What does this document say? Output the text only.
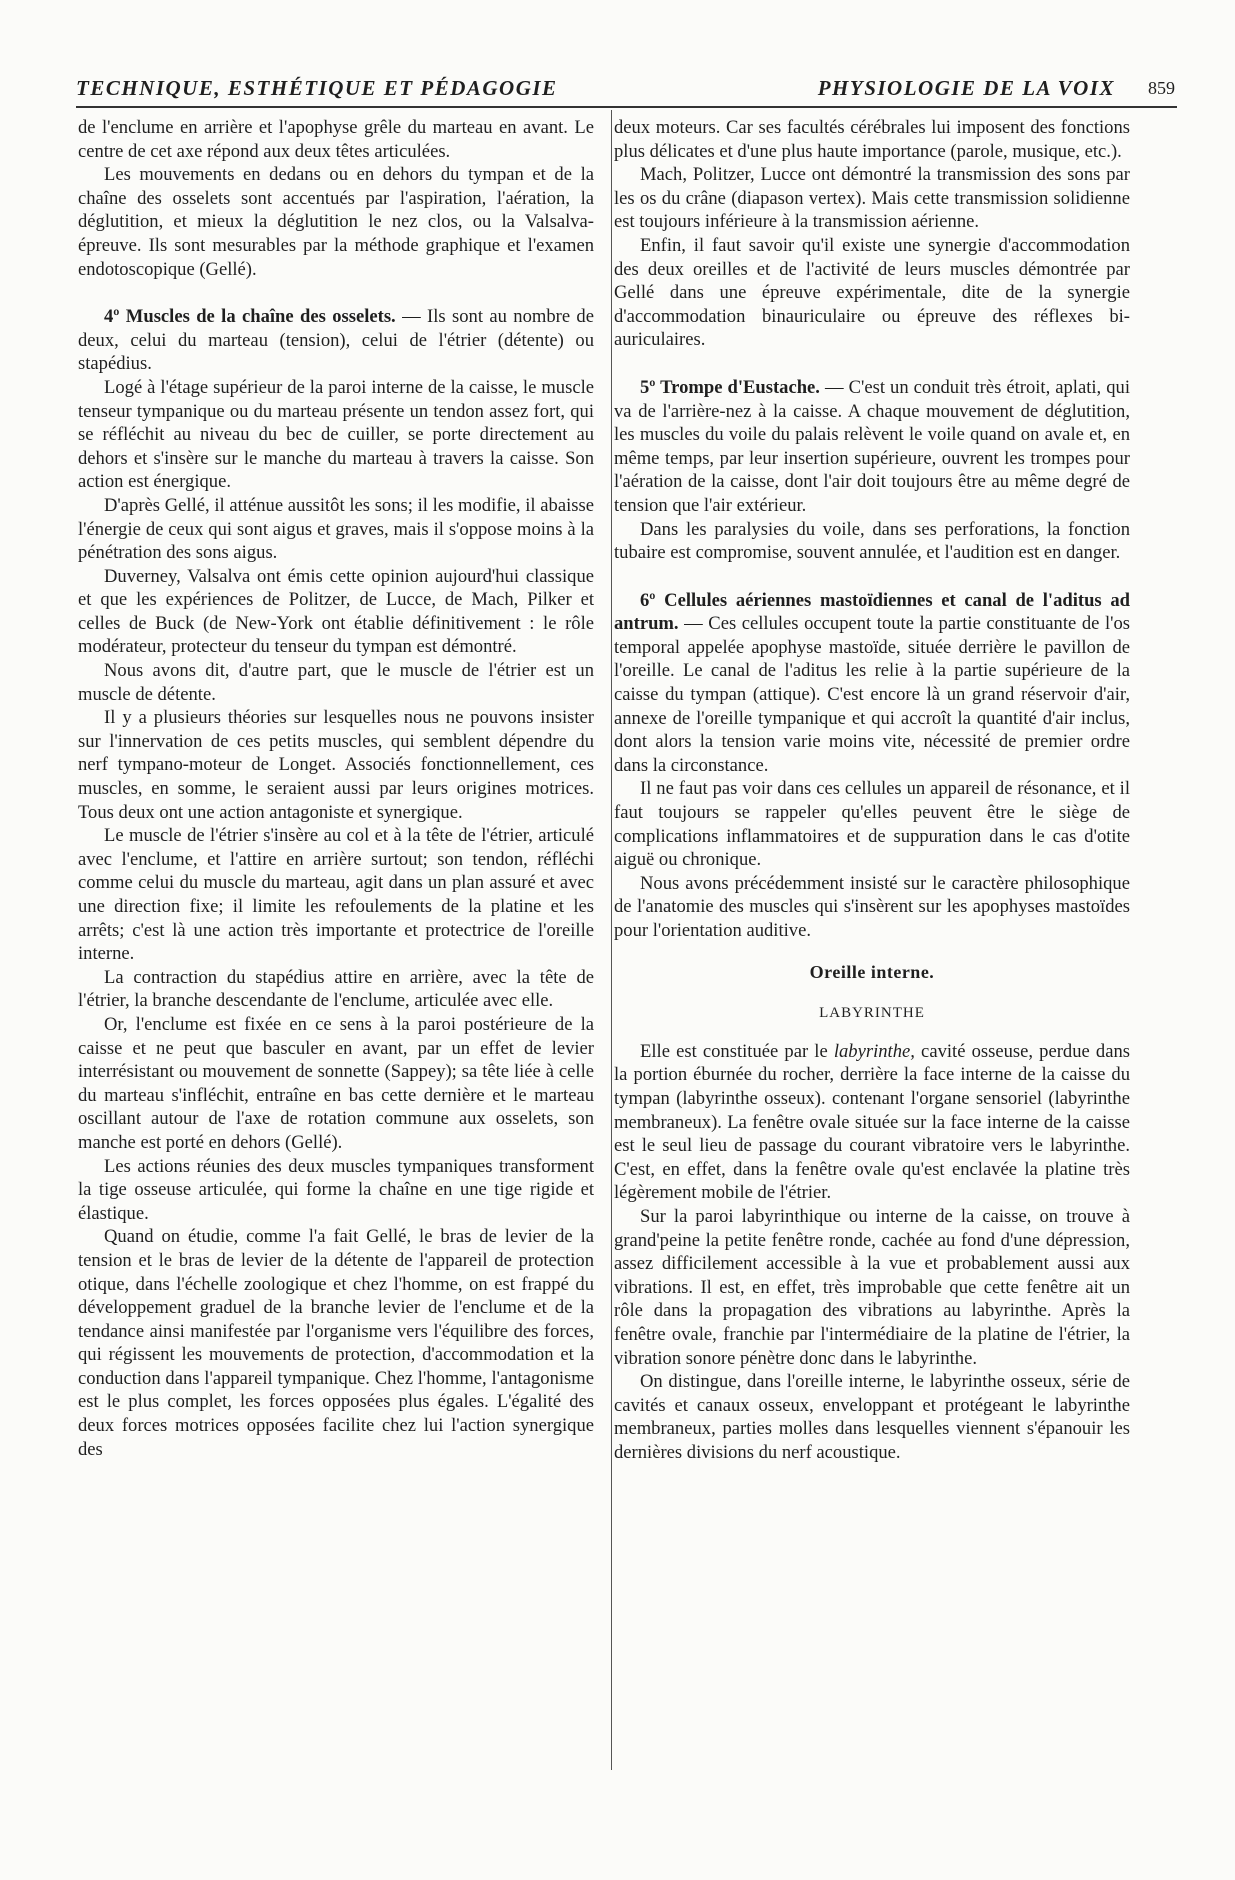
TECHNIQUE, ESTHÉTIQUE ET PÉDAGOGIE	PHYSIOLOGIE DE LA VOIX 859

de l'enclume en arrière et l'apophyse grêle du marteau en avant. Le centre de cet axe répond aux deux têtes articulées.

Les mouvements en dedans ou en dehors du tympan et de la chaîne des osselets sont accentués par l'aspiration, l'aération, la déglutition, et mieux la déglutition le nez clos, ou la Valsalva-épreuve. Ils sont mesurables par la méthode graphique et l'examen endotoscopique (Gellé).

4º Muscles de la chaîne des osselets. — Ils sont au nombre de deux, celui du marteau (tension), celui de l'étrier (détente) ou stapédius.

Logé à l'étage supérieur de la paroi interne de la caisse, le muscle tenseur tympanique ou du marteau présente un tendon assez fort, qui se réfléchit au niveau du bec de cuiller, se porte directement au dehors et s'insère sur le manche du marteau à travers la caisse. Son action est énergique.

D'après Gellé, il atténue aussitôt les sons; il les modifie, il abaisse l'énergie de ceux qui sont aigus et graves, mais il s'oppose moins à la pénétration des sons aigus.

Duverney, Valsalva ont émis cette opinion aujourd'hui classique et que les expériences de Politzer, de Lucce, de Mach, Pilker et celles de Buck (de New-York ont établie définitivement : le rôle modérateur, protecteur du tenseur du tympan est démontré.

Nous avons dit, d'autre part, que le muscle de l'étrier est un muscle de détente.

Il y a plusieurs théories sur lesquelles nous ne pouvons insister sur l'innervation de ces petits muscles, qui semblent dépendre du nerf tympano-moteur de Longet. Associés fonctionnellement, ces muscles, en somme, le seraient aussi par leurs origines motrices. Tous deux ont une action antagoniste et synergique.

Le muscle de l'étrier s'insère au col et à la tête de l'étrier, articulé avec l'enclume, et l'attire en arrière surtout; son tendon, réfléchi comme celui du muscle du marteau, agit dans un plan assuré et avec une direction fixe; il limite les refoulements de la platine et les arrêts; c'est là une action très importante et protectrice de l'oreille interne.

La contraction du stapédius attire en arrière, avec la tête de l'étrier, la branche descendante de l'enclume, articulée avec elle.

Or, l'enclume est fixée en ce sens à la paroi postérieure de la caisse et ne peut que basculer en avant, par un effet de levier interrésistant ou mouvement de sonnette (Sappey); sa tête liée à celle du marteau s'infléchit, entraîne en bas cette dernière et le marteau oscillant autour de l'axe de rotation commune aux osselets, son manche est porté en dehors (Gellé).

Les actions réunies des deux muscles tympaniques transforment la tige osseuse articulée, qui forme la chaîne en une tige rigide et élastique.

Quand on étudie, comme l'a fait Gellé, le bras de levier de la tension et le bras de levier de la détente de l'appareil de protection otique, dans l'échelle zoologique et chez l'homme, on est frappé du développement graduel de la branche levier de l'enclume et de la tendance ainsi manifestée par l'organisme vers l'équilibre des forces, qui régissent les mouvements de protection, d'accommodation et la conduction dans l'appareil tympanique. Chez l'homme, l'antagonisme est le plus complet, les forces opposées plus égales. L'égalité des deux forces motrices opposées facilite chez lui l'action synergique des

deux moteurs. Car ses facultés cérébrales lui imposent des fonctions plus délicates et d'une plus haute importance (parole, musique, etc.).

Mach, Politzer, Lucce ont démontré la transmission des sons par les os du crâne (diapason vertex). Mais cette transmission solidienne est toujours inférieure à la transmission aérienne.

Enfin, il faut savoir qu'il existe une synergie d'accommodation des deux oreilles et de l'activité de leurs muscles démontrée par Gellé dans une épreuve expérimentale, dite de la synergie d'accommodation binauriculaire ou épreuve des réflexes bi-auriculaires.

5º Trompe d'Eustache. — C'est un conduit très étroit, aplati, qui va de l'arrière-nez à la caisse. A chaque mouvement de déglutition, les muscles du voile du palais relèvent le voile quand on avale et, en même temps, par leur insertion supérieure, ouvrent les trompes pour l'aération de la caisse, dont l'air doit toujours être au même degré de tension que l'air extérieur.

Dans les paralysies du voile, dans ses perforations, la fonction tubaire est compromise, souvent annulée, et l'audition est en danger.

6º Cellules aériennes mastoïdiennes et canal de l'aditus ad antrum. — Ces cellules occupent toute la partie constituante de l'os temporal appelée apophyse mastoïde, située derrière le pavillon de l'oreille. Le canal de l'aditus les relie à la partie supérieure de la caisse du tympan (attique). C'est encore là un grand réservoir d'air, annexe de l'oreille tympanique et qui accroît la quantité d'air inclus, dont alors la tension varie moins vite, nécessité de premier ordre dans la circonstance.

Il ne faut pas voir dans ces cellules un appareil de résonance, et il faut toujours se rappeler qu'elles peuvent être le siège de complications inflammatoires et de suppuration dans le cas d'otite aiguë ou chronique.

Nous avons précédemment insisté sur le caractère philosophique de l'anatomie des muscles qui s'insèrent sur les apophyses mastoïdes pour l'orientation auditive.

Oreille interne.

LABYRINTHE

Elle est constituée par le labyrinthe, cavité osseuse, perdue dans la portion éburnée du rocher, derrière la face interne de la caisse du tympan (labyrinthe osseux). contenant l'organe sensoriel (labyrinthe membraneux). La fenêtre ovale située sur la face interne de la caisse est le seul lieu de passage du courant vibratoire vers le labyrinthe. C'est, en effet, dans la fenêtre ovale qu'est enclavée la platine très légèrement mobile de l'étrier.

Sur la paroi labyrinthique ou interne de la caisse, on trouve à grand'peine la petite fenêtre ronde, cachée au fond d'une dépression, assez difficilement accessible à la vue et probablement aussi aux vibrations. Il est, en effet, très improbable que cette fenêtre ait un rôle dans la propagation des vibrations au labyrinthe. Après la fenêtre ovale, franchie par l'intermédiaire de la platine de l'étrier, la vibration sonore pénètre donc dans le labyrinthe.

On distingue, dans l'oreille interne, le labyrinthe osseux, série de cavités et canaux osseux, enveloppant et protégeant le labyrinthe membraneux, parties molles dans lesquelles viennent s'épanouir les dernières divisions du nerf acoustique.
